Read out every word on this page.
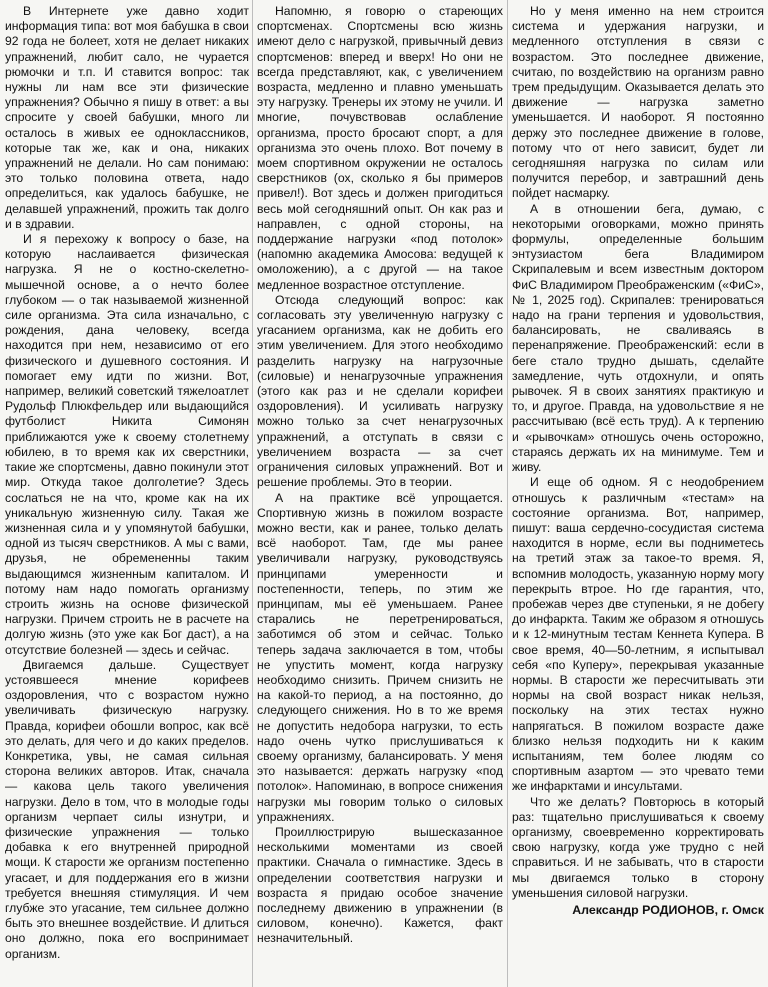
В Интернете уже давно ходит информация типа: вот моя бабушка в свои 92 года не болеет, хотя не делает никаких упражнений, любит сало, не чурается рюмочки и т.п. И ставится вопрос: так нужны ли нам все эти физические упражнения? Обычно я пишу в ответ: а вы спросите у своей бабушки, много ли осталось в живых ее одноклассников, которые так же, как и она, никаких упражнений не делали. Но сам понимаю: это только половина ответа, надо определиться, как удалось бабушке, не делавшей упражнений, прожить так долго и в здравии.

И я перехожу к вопросу о базе, на которую наслаивается физическая нагрузка. Я не о костно-скелетно-мышечной основе, а о нечто более глубоком — о так называемой жизненной силе организма. Эта сила изначально, с рождения, дана человеку, всегда находится при нем, независимо от его физического и душевного состояния. И помогает ему идти по жизни. Вот, например, великий советский тяжелоатлет Рудольф Плюкфельдер или выдающийся футболист Никита Симонян приближаются уже к своему столетнему юбилею, в то время как их сверстники, такие же спортсмены, давно покинули этот мир. Откуда такое долголетие? Здесь сослаться не на что, кроме как на их уникальную жизненную силу. Такая же жизненная сила и у упомянутой бабушки, одной из тысяч сверстников. А мы с вами, друзья, не обремененны таким выдающимся жизненным капиталом. И потому нам надо помогать организму строить жизнь на основе физической нагрузки. Причем строить не в расчете на долгую жизнь (это уже как Бог даст), а на отсутствие болезней — здесь и сейчас.

Двигаемся дальше. Существует устоявшееся мнение корифеев оздоровления, что с возрастом нужно увеличивать физическую нагрузку. Правда, корифеи обошли вопрос, как всё это делать, для чего и до каких пределов. Конкретика, увы, не самая сильная сторона великих авторов. Итак, сначала — какова цель такого увеличения нагрузки. Дело в том, что в молодые годы организм черпает силы изнутри, и физические упражнения — только добавка к его внутренней природной мощи. К старости же организм постепенно угасает, и для поддержания его в жизни требуется внешняя стимуляция. И чем глубже это угасание, тем сильнее должно быть это внешнее воздействие. И длиться оно должно, пока его воспринимает организм.

Напомню, я говорю о стареющих спортсменах. Спортсмены всю жизнь имеют дело с нагрузкой, привычный девиз спортсменов: вперед и вверх! Но они не всегда представляют, как, с увеличением возраста, медленно и плавно уменьшать эту нагрузку. Тренеры их этому не учили. И многие, почувствовав ослабление организма, просто бросают спорт, а для организма это очень плохо. Вот почему в моем спортивном окружении не осталось сверстников (ох, сколько я бы примеров привел!). Вот здесь и должен пригодиться весь мой сегодняшний опыт. Он как раз и направлен, с одной стороны, на поддержание нагрузки «под потолок» (напомню академика Амосова: ведущей к омоложению), а с другой — на такое медленное возрастное отступление.

Отсюда следующий вопрос: как согласовать эту увеличенную нагрузку с угасанием организма, как не добить его этим увеличением. Для этого необходимо разделить нагрузку на нагрузочные (силовые) и ненагрузочные упражнения (этого как раз и не сделали корифеи оздоровления). И усиливать нагрузку можно только за счет ненагрузочных упражнений, а отступать в связи с увеличением возраста — за счет ограничения силовых упражнений. Вот и решение проблемы. Это в теории.

А на практике всё упрощается. Спортивную жизнь в пожилом возрасте можно вести, как и ранее, только делать всё наоборот. Там, где мы ранее увеличивали нагрузку, руководствуясь принципами умеренности и постепенности, теперь, по этим же принципам, мы её уменьшаем. Ранее старались не перетренироваться, заботимся об этом и сейчас. Только теперь задача заключается в том, чтобы не упустить момент, когда нагрузку необходимо снизить. Причем снизить не на какой-то период, а на постоянно, до следующего снижения. Но в то же время не допустить недобора нагрузки, то есть надо очень чутко прислушиваться к своему организму, балансировать. У меня это называется: держать нагрузку «под потолок». Напоминаю, в вопросе снижения нагрузки мы говорим только о силовых упражнениях.

Проиллюстрирую вышесказанное несколькими моментами из своей практики. Сначала о гимнастике. Здесь в определении соответствия нагрузки и возраста я придаю особое значение последнему движению в упражнении (в силовом, конечно). Кажется, факт незначительный.

Но у меня именно на нем строится система и удержания нагрузки, и медленного отступления в связи с возрастом. Это последнее движение, считаю, по воздействию на организм равно трем предыдущим. Оказывается делать это движение — нагрузка заметно уменьшается. И наоборот. Я постоянно держу это последнее движение в голове, потому что от него зависит, будет ли сегодняшняя нагрузка по силам или получится перебор, и завтрашний день пойдет насмарку.

А в отношении бега, думаю, с некоторыми оговорками, можно принять формулы, определенные большим энтузиастом бега Владимиром Скрипалевым и всем известным доктором ФиС Владимиром Преображенским («ФиС», № 1, 2025 год). Скрипалев: тренироваться надо на грани терпения и удовольствия, балансировать, не сваливаясь в перенапряжение. Преображенский: если в беге стало трудно дышать, сделайте замедление, чуть отдохнули, и опять рывочек. Я в своих занятиях практикую и то, и другое. Правда, на удовольствие я не рассчитываю (всё есть труд). А к терпению и «рывочкам» отношусь очень осторожно, стараясь держать их на минимуме. Тем и живу.

И еще об одном. Я с неодобрением отношусь к различным «тестам» на состояние организма. Вот, например, пишут: ваша сердечно-сосудистая система находится в норме, если вы подниметесь на третий этаж за такое-то время. Я, вспомнив молодость, указанную норму могу перекрыть втрое. Но где гарантия, что, пробежав через две ступеньки, я не добегу до инфаркта. Таким же образом я отношусь и к 12-минутным тестам Кеннета Купера. В свое время, 40—50-летним, я испытывал себя «по Куперу», перекрывая указанные нормы. В старости же пересчитывать эти нормы на свой возраст никак нельзя, поскольку на этих тестах нужно напрягаться. В пожилом возрасте даже близко нельзя подходить ни к каким испытаниям, тем более людям со спортивным азартом — это чревато теми же инфарктами и инсультами.

Что же делать? Повторюсь в который раз: тщательно прислушиваться к своему организму, своевременно корректировать свою нагрузку, когда уже трудно с ней справиться. И не забывать, что в старости мы двигаемся только в сторону уменьшения силовой нагрузки.

Александр РОДИОНОВ, г. Омск
